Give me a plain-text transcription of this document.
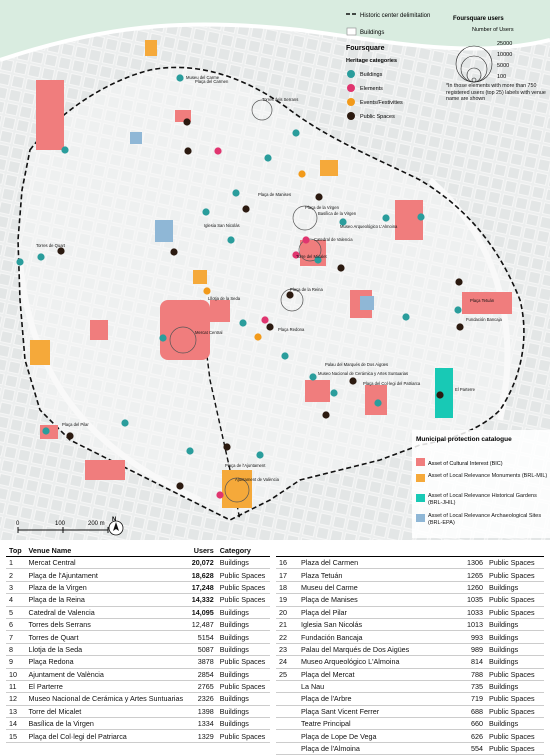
Museu del Carme
Plaça del Carmen
Torres dels Serrans
Plaça de Manises
Plaça de la Virgen
Basílica de la Virgen
Museo Arqueológico L'Almoina
Catedral de Valencia
Torre del Micalet
Iglesia San Nicolás
Torres de Quart
Plaça de la Reina
Lllotja de la Seda
Plaça Redona
Mercat Central
Plaça Tetuán
Fundación Bancaja
Palau del Marqués de Dos Aigües
Museo Nacional de Cerámica y Artes Suntuarias
Plaça del Col·legi del Patriarca
El Parterre
Plaça del Pilar
Plaça de l'Ajuntament
Ajuntament de València
Historic center delimitation
Buildings
Foursquare
Heritage categories
Buildings
Elements
Events/Festivities
Public Spaces
Foursquare users
Number of Users
25000
10000
5000
100
*In those elements with more than 750 registered users (top 25) labels with venue name are shown
Municipal protection catalogue
Asset of Cultural Interest (BIC)
Asset of Local Relevance Monuments (BRL-MIL)
Asset of Local Relevance Historical Gardens (BRL-JHIL)
Asset of Local Relevance Archaeological Sites (BRL-EPA)
0	100	200 m
N
Top	Venue Name	Users	Category
1	Mercat Central	20,072	Buildings
2	Plaça de l'Ajuntament	18,628	Public Spaces
3	Plaza de la Virgen	17,248	Public Spaces
4	Plaça de la Reina	14,332	Public Spaces
5	Catedral de Valencia	14,095	Buildings
6	Torres dels Serrans	12,487	Buildings
7	Torres de Quart	5154	Buildings
8	Llotja de la Seda	5087	Buildings
9	Plaça Redona	3878	Public Spaces
10	Ajuntament de València	2854	Buildings
11	El Parterre	2765	Public Spaces
12	Museo Nacional de Cerámica y Artes Suntuarias	2326	Buildings
13	Torre del Micalet	1398	Buildings
14	Basílica de la Virgen	1334	Buildings
15	Plaça del Col·legi del Patriarca	1329	Public Spaces

16	Plaza del Carmen	1306	Public Spaces
17	Plaza Tetuán	1265	Public Spaces
18	Museu del Carme	1260	Buildings
19	Plaça de Manises	1035	Public Spaces
20	Plaça del Pilar	1033	Public Spaces
21	Iglesia San Nicolás	1013	Buildings
22	Fundación Bancaja	993	Buildings
23	Palau del Marqués de Dos Aigües	989	Buildings
24	Museo Arqueológico L'Almoina	814	Buildings
25	Plaça del Mercat	788	Public Spaces
	La Nau	735	Buildings
	Plaça de l'Arbre	719	Public Spaces
	Plaça Sant Vicent Ferrer	688	Public Spaces
	Teatre Principal	660	Buildings
	Plaça de Lope De Vega	626	Public Spaces
	Plaça de l'Almoina	554	Public Spaces
